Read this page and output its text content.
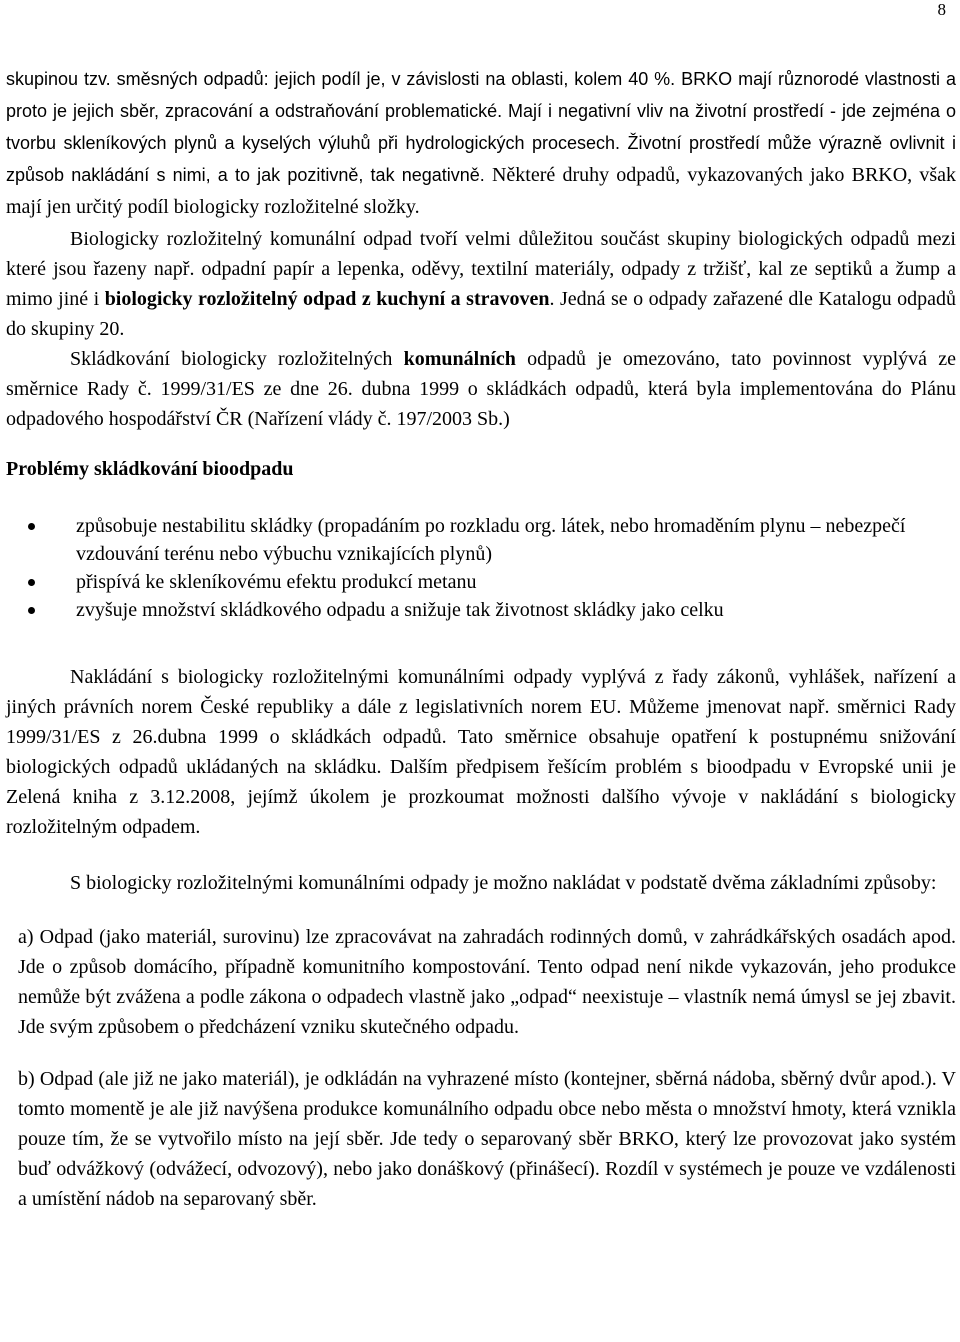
8

skupinou tzv. směsných odpadů: jejich podíl je, v závislosti na oblasti, kolem 40 %. BRKO mají různorodé vlastnosti a proto je jejich sběr, zpracování a odstraňování problematické. Mají i negativní vliv na životní prostředí - jde zejména o tvorbu skleníkových plynů a kyselých výluhů při hydrologických procesech. Životní prostředí může výrazně ovlivnit i způsob nakládání s nimi, a to jak pozitivně, tak negativně. Některé druhy odpadů, vykazovaných jako BRKO, však mají jen určitý podíl biologicky rozložitelné složky.

Biologicky rozložitelný komunální odpad tvoří velmi důležitou součást skupiny biologických odpadů mezi které jsou řazeny např. odpadní papír a lepenka, oděvy, textilní materiály, odpady z tržišť, kal ze septiků a žump a mimo jiné i biologicky rozložitelný odpad z kuchyní a stravoven. Jedná se o odpady zařazené dle Katalogu odpadů do skupiny 20.

Skládkování biologicky rozložitelných komunálních odpadů je omezováno, tato povinnost vyplývá ze směrnice Rady č. 1999/31/ES ze dne 26. dubna 1999 o skládkách odpadů, která byla implementována do Plánu odpadového hospodářství ČR (Nařízení vlády č. 197/2003 Sb.)

Problémy skládkování bioodpadu
způsobuje nestabilitu skládky (propadáním po rozkladu org. látek, nebo hromaděním plynu – nebezpečí vzdouvání terénu nebo výbuchu vznikajících plynů)
přispívá ke skleníkovému efektu produkcí metanu
zvyšuje množství skládkového odpadu a snižuje tak životnost skládky jako celku

Nakládání s biologicky rozložitelnými komunálními odpady vyplývá z řady zákonů, vyhlášek, nařízení a jiných právních norem České republiky a dále z legislativních norem EU. Můžeme jmenovat např. směrnici Rady 1999/31/ES z 26.dubna 1999 o skládkách odpadů. Tato směrnice obsahuje opatření k postupnému snižování biologických odpadů ukládaných na skládku. Dalším předpisem řešícím problém s bioodpadu v Evropské unii je Zelená kniha z 3.12.2008, jejímž úkolem je prozkoumat možnosti dalšího vývoje v nakládání s biologicky rozložitelným odpadem.

S biologicky rozložitelnými komunálními odpady je možno nakládat v podstatě dvěma základními způsoby:

a) Odpad (jako materiál, surovinu) lze zpracovávat na zahradách rodinných domů, v zahrádkářských osadách apod. Jde o způsob domácího, případně komunitního kompostování. Tento odpad není nikde vykazován, jeho produkce nemůže být zvážena a podle zákona o odpadech vlastně jako „odpad“ neexistuje – vlastník nemá úmysl se jej zbavit. Jde svým způsobem o předcházení vzniku skutečného odpadu.

b) Odpad (ale již ne jako materiál), je odkládán na vyhrazené místo (kontejner, sběrná nádoba, sběrný dvůr apod.). V tomto momentě je ale již navýšena produkce komunálního odpadu obce nebo města o množství hmoty, která vznikla pouze tím, že se vytvořilo místo na její sběr. Jde tedy o separovaný sběr BRKO, který lze provozovat jako systém buď odvážkový (odvážecí, odvozový), nebo jako donáškový (přinášecí). Rozdíl v systémech je pouze ve vzdálenosti a umístění nádob na separovaný sběr.
